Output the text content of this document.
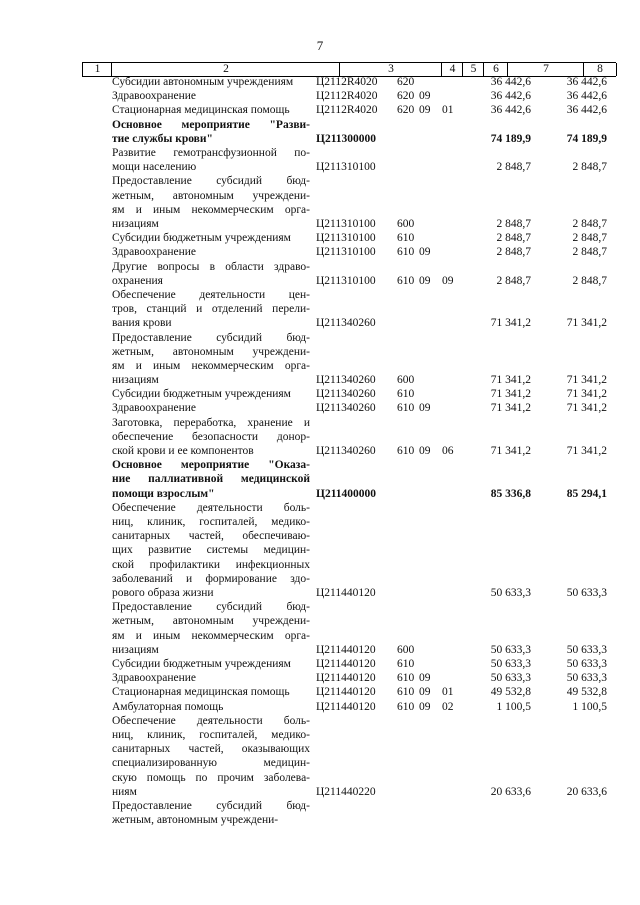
7
1	2	3	4	5	6	7	8
Субсидии автономным учреждениям	Ц2112R4020 620	36 442,6	36 442,6
Здравоохранение	Ц2112R4020 620 09	36 442,6	36 442,6
Стационарная медицинская помощь	Ц2112R4020 620 09 01	36 442,6	36 442,6
Основное мероприятие "Разви-
тие службы крови"	Ц211300000	74 189,9	74 189,9
Развитие гемотрансфузионной по-
мощи населению	Ц211310100	2 848,7	2 848,7
Предоставление субсидий бюд-
жетным, автономным учреждени-
ям и иным некоммерческим орга-
низациям	Ц211310100 600	2 848,7	2 848,7
Субсидии бюджетным учреждениям	Ц211310100 610	2 848,7	2 848,7
Здравоохранение	Ц211310100 610 09	2 848,7	2 848,7
Другие вопросы в области здраво-
охранения	Ц211310100 610 09 09	2 848,7	2 848,7
Обеспечение деятельности цен-
тров, станций и отделений перели-
вания крови	Ц211340260	71 341,2	71 341,2
Предоставление субсидий бюд-
жетным, автономным учреждени-
ям и иным некоммерческим орга-
низациям	Ц211340260 600	71 341,2	71 341,2
Субсидии бюджетным учреждениям	Ц211340260 610	71 341,2	71 341,2
Здравоохранение	Ц211340260 610 09	71 341,2	71 341,2
Заготовка, переработка, хранение и
обеспечение безопасности донор-
ской крови и ее компонентов	Ц211340260 610 09 06	71 341,2	71 341,2
Основное мероприятие "Оказа-
ние паллиативной медицинской
помощи взрослым"	Ц211400000	85 336,8	85 294,1
Обеспечение деятельности боль-
ниц, клиник, госпиталей, медико-
санитарных частей, обеспечиваю-
щих развитие системы медицин-
ской профилактики инфекционных
заболеваний и формирование здо-
рового образа жизни	Ц211440120	50 633,3	50 633,3
Предоставление субсидий бюд-
жетным, автономным учреждени-
ям и иным некоммерческим орга-
низациям	Ц211440120 600	50 633,3	50 633,3
Субсидии бюджетным учреждениям	Ц211440120 610	50 633,3	50 633,3
Здравоохранение	Ц211440120 610 09	50 633,3	50 633,3
Стационарная медицинская помощь	Ц211440120 610 09 01	49 532,8	49 532,8
Амбулаторная помощь	Ц211440120 610 09 02	1 100,5	1 100,5
Обеспечение деятельности боль-
ниц, клиник, госпиталей, медико-
санитарных частей, оказывающих
специализированную медицин-
скую помощь по прочим заболева-
ниям	Ц211440220	20 633,6	20 633,6
Предоставление субсидий бюд-
жетным, автономным учреждени-
